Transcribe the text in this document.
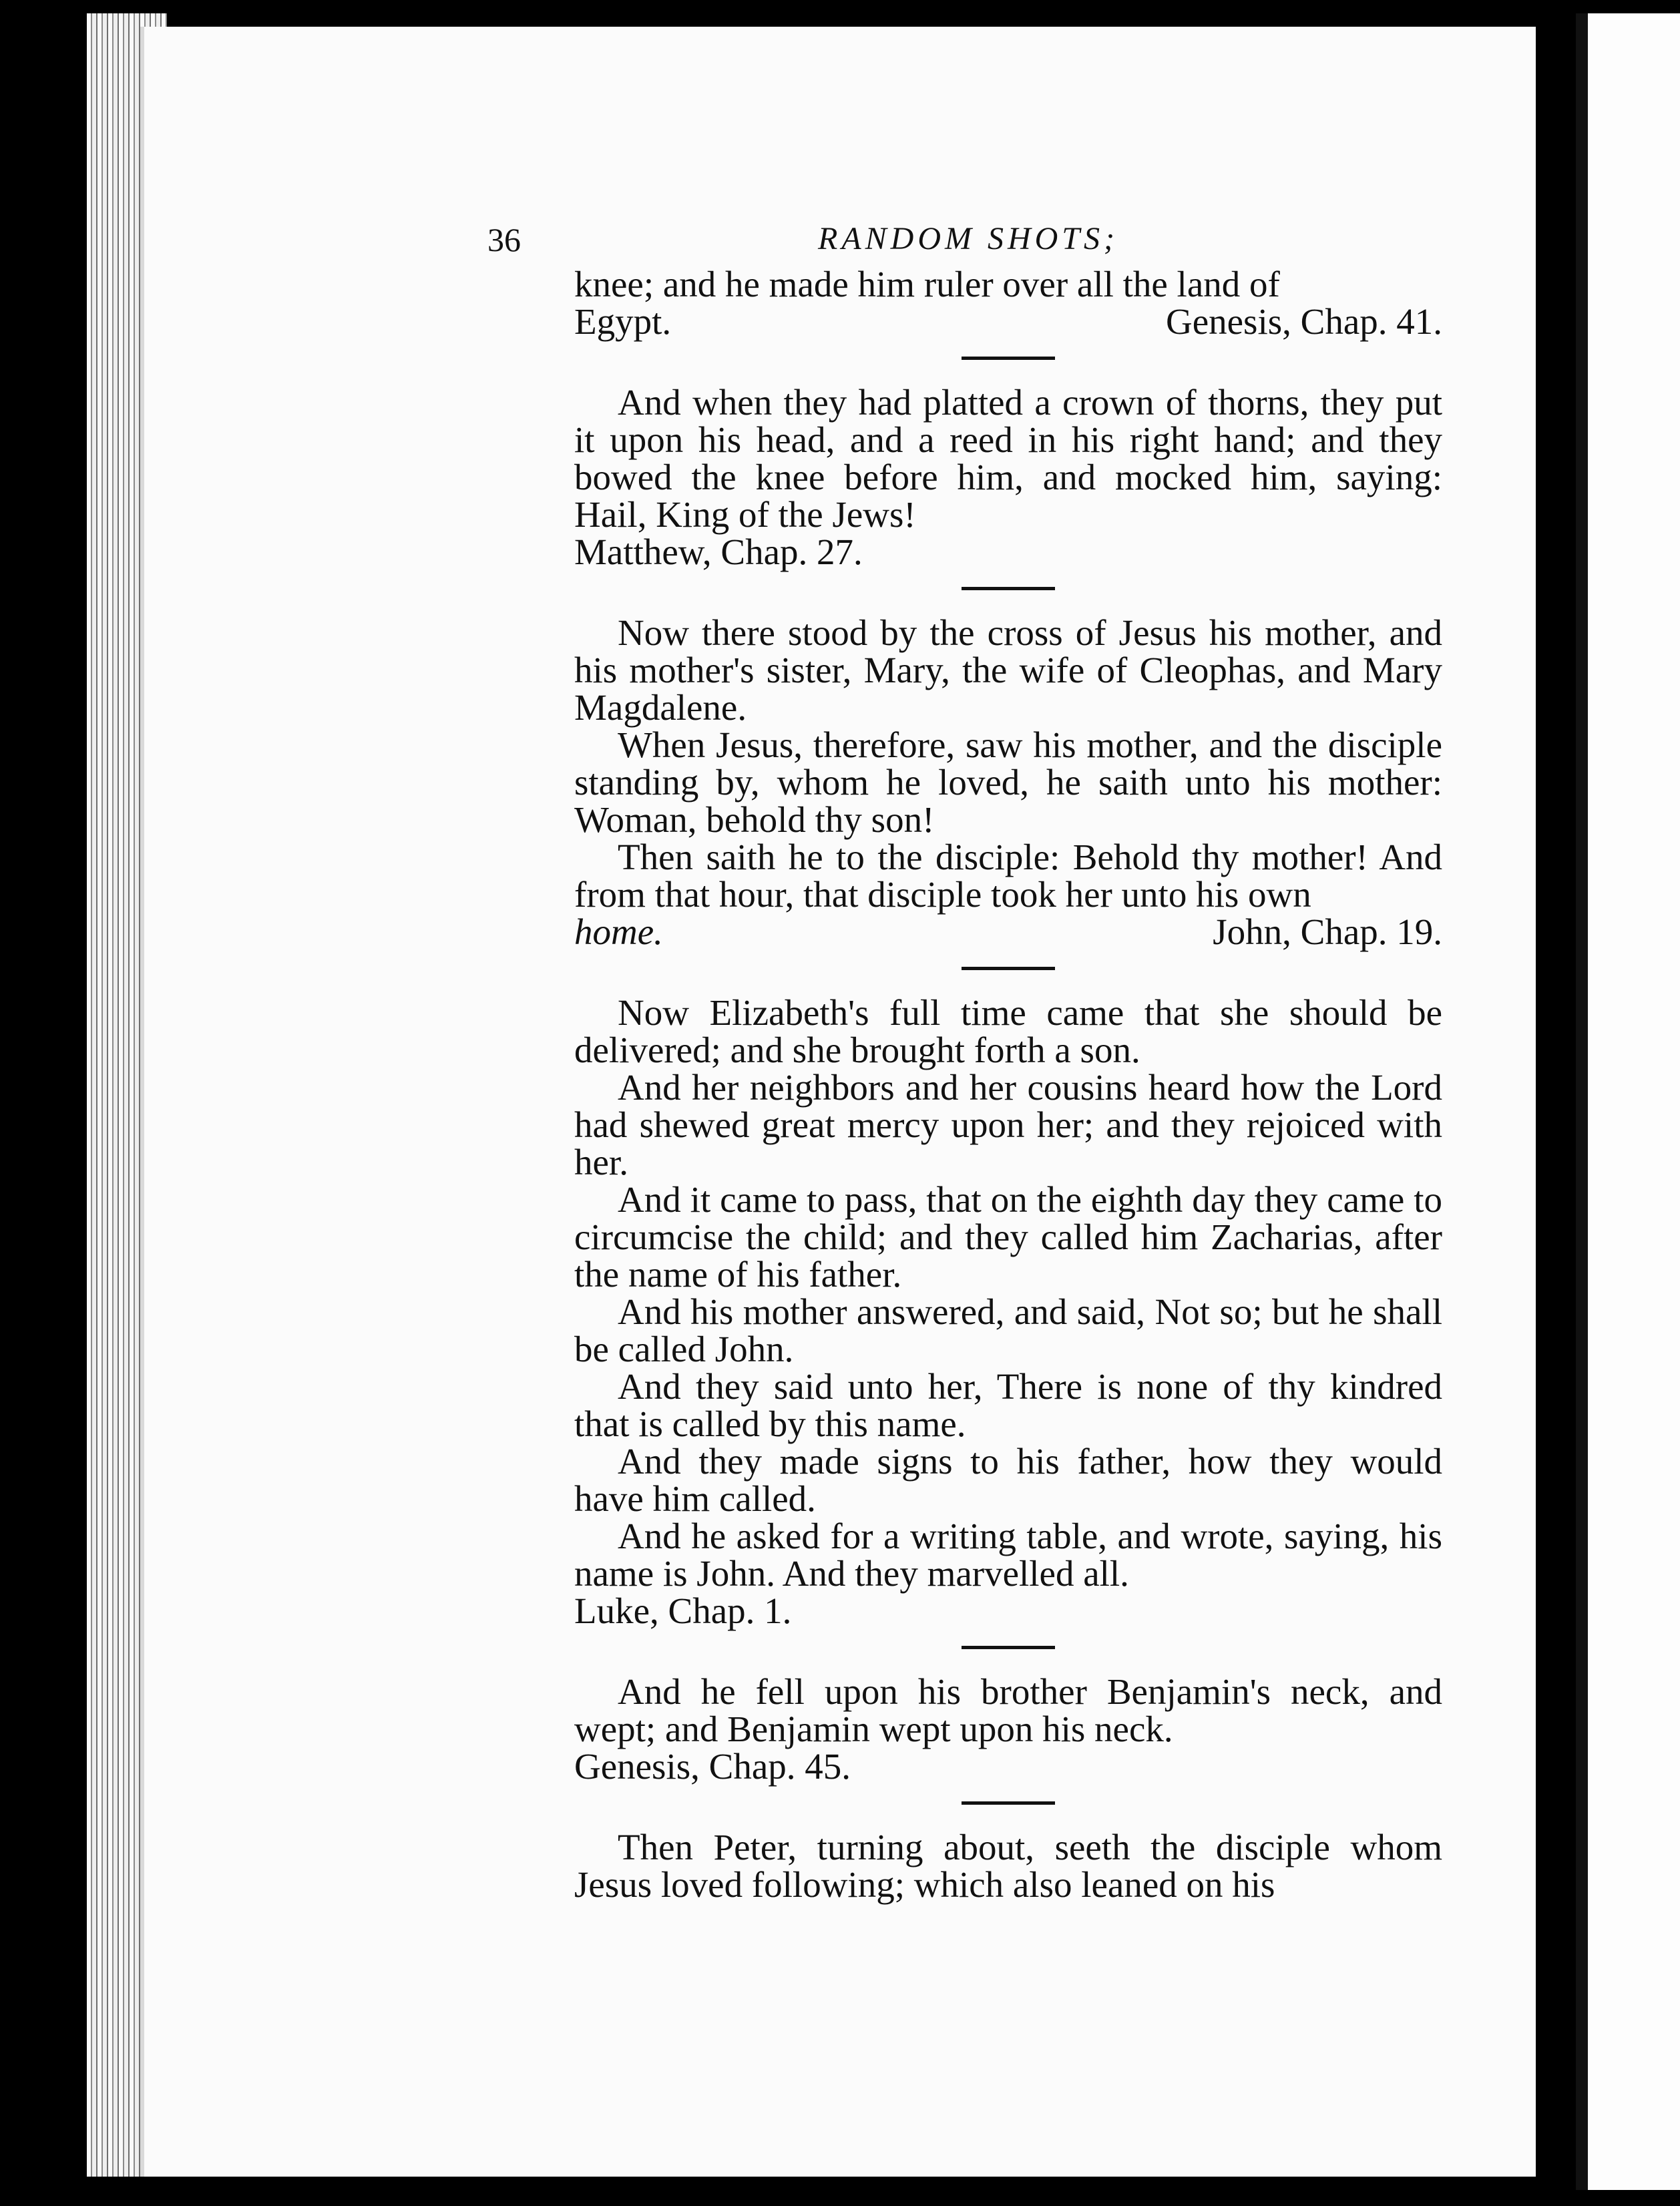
36	RANDOM SHOTS;

knee; and he made him ruler over all the land of

Egypt.	Genesis, Chap. 41.

And when they had platted a crown of thorns, they put it upon his head, and a reed in his right hand; and they bowed the knee before him, and mocked him, saying: Hail, King of the Jews!

Matthew, Chap. 27.

Now there stood by the cross of Jesus his mother, and his mother's sister, Mary, the wife of Cleophas, and Mary Magdalene.

When Jesus, therefore, saw his mother, and the disciple standing by, whom he loved, he saith unto his mother: Woman, behold thy son!

Then saith he to the disciple: Behold thy mother! And from that hour, that disciple took her unto his own

home.	John, Chap. 19.

Now Elizabeth's full time came that she should be delivered; and she brought forth a son.

And her neighbors and her cousins heard how the Lord had shewed great mercy upon her; and they rejoiced with her.

And it came to pass, that on the eighth day they came to circumcise the child; and they called him Zacharias, after the name of his father.

And his mother answered, and said, Not so; but he shall be called John.

And they said unto her, There is none of thy kindred that is called by this name.

And they made signs to his father, how they would have him called.

And he asked for a writing table, and wrote, saying, his name is John. And they marvelled all.

Luke, Chap. 1.

And he fell upon his brother Benjamin's neck, and wept; and Benjamin wept upon his neck.

Genesis, Chap. 45.

Then Peter, turning about, seeth the disciple whom Jesus loved following; which also leaned on his
